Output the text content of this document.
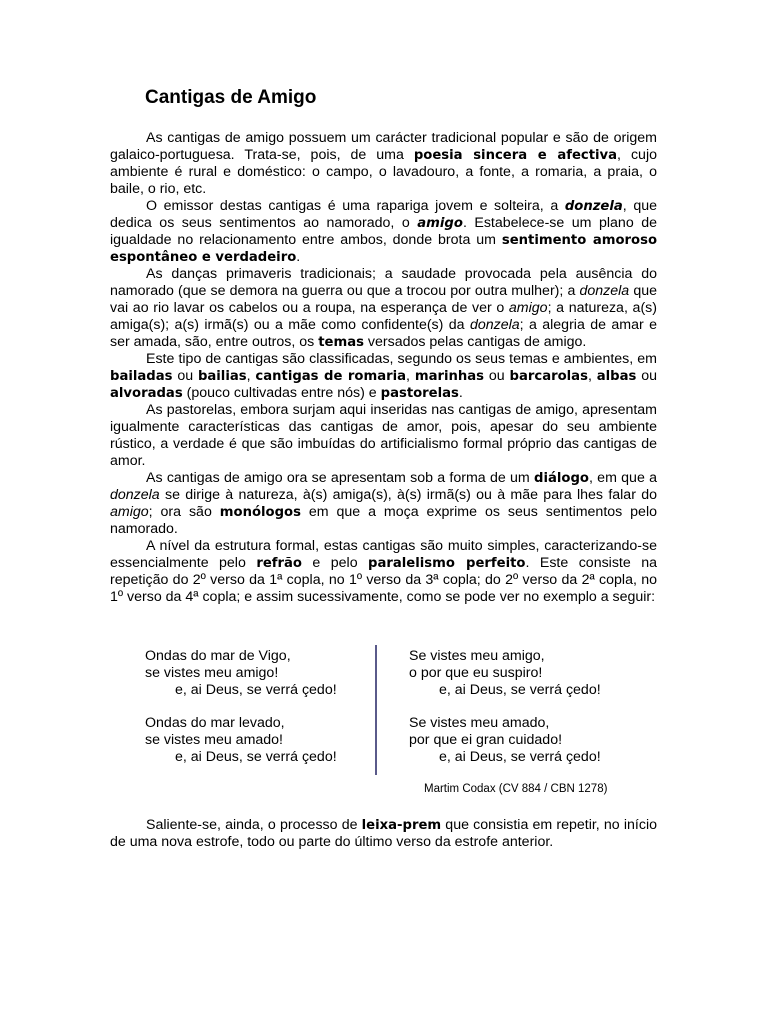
Cantigas de Amigo

As cantigas de amigo possuem um carácter tradicional popular e são de origem galaico-portuguesa. Trata-se, pois, de uma poesia sincera e afectiva, cujo ambiente é rural e doméstico: o campo, o lavadouro, a fonte, a romaria, a praia, o baile, o rio, etc.

O emissor destas cantigas é uma rapariga jovem e solteira, a donzela, que dedica os seus sentimentos ao namorado, o amigo. Estabelece-se um plano de igualdade no relacionamento entre ambos, donde brota um sentimento amoroso espontâneo e verdadeiro.

As danças primaveris tradicionais; a saudade provocada pela ausência do namorado (que se demora na guerra ou que a trocou por outra mulher); a donzela que vai ao rio lavar os cabelos ou a roupa, na esperança de ver o amigo; a natureza, a(s) amiga(s); a(s) irmã(s) ou a mãe como confidente(s) da donzela; a alegria de amar e ser amada, são, entre outros, os temas versados pelas cantigas de amigo.

Este tipo de cantigas são classificadas, segundo os seus temas e ambientes, em bailadas ou bailias, cantigas de romaria, marinhas ou barcarolas, albas ou alvoradas (pouco cultivadas entre nós) e pastorelas.

As pastorelas, embora surjam aqui inseridas nas cantigas de amigo, apresentam igualmente características das cantigas de amor, pois, apesar do seu ambiente rústico, a verdade é que são imbuídas do artificialismo formal próprio das cantigas de amor.

As cantigas de amigo ora se apresentam sob a forma de um diálogo, em que a donzela se dirige à natureza, à(s) amiga(s), à(s) irmã(s) ou à mãe para lhes falar do amigo; ora são monólogos em que a moça exprime os seus sentimentos pelo namorado.

A nível da estrutura formal, estas cantigas são muito simples, caracterizando-se essencialmente pelo refrão e pelo paralelismo perfeito. Este consiste na repetição do 2º verso da 1ª copla, no 1º verso da 3ª copla; do 2º verso da 2ª copla, no 1º verso da 4ª copla; e assim sucessivamente, como se pode ver no exemplo a seguir:

Ondas do mar de Vigo,
se vistes meu amigo!
e, ai Deus, se verrá çedo!
Ondas do mar levado,
se vistes meu amado!
e, ai Deus, se verrá çedo!
Se vistes meu amigo,
o por que eu suspiro!
e, ai Deus, se verrá çedo!
Se vistes meu amado,
por que ei gran cuidado!
e, ai Deus, se verrá çedo!
Martim Codax (CV 884 / CBN 1278)

Saliente-se, ainda, o processo de leixa-prem que consistia em repetir, no início de uma nova estrofe, todo ou parte do último verso da estrofe anterior.
